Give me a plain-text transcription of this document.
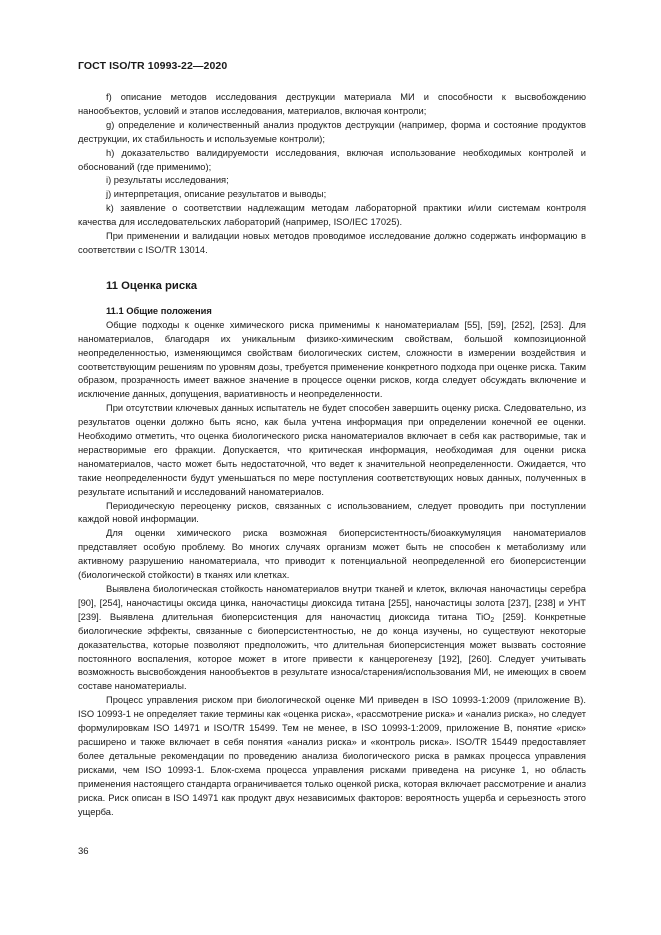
ГОСТ ISO/TR 10993-22—2020

f) описание методов исследования деструкции материала МИ и способности к высвобождению нанообъектов, условий и этапов исследования, материалов, включая контроли;

g) определение и количественный анализ продуктов деструкции (например, форма и состояние продуктов деструкции, их стабильность и используемые контроли);

h) доказательство валидируемости исследования, включая использование необходимых контролей и обоснований (где применимо);

i) результаты исследования;

j) интерпретация, описание результатов и выводы;

k) заявление о соответствии надлежащим методам лабораторной практики и/или системам контроля качества для исследовательских лабораторий (например, ISO/IEC 17025).

При применении и валидации новых методов проводимое исследование должно содержать информацию в соответствии с ISO/TR 13014.

11 Оценка риска
11.1 Общие положения

Общие подходы к оценке химического риска применимы к наноматериалам [55], [59], [252], [253]. Для наноматериалов, благодаря их уникальным физико-химическим свойствам, большой композиционной неопределенностью, изменяющимся свойствам биологических систем, сложности в измерении воздействия и соответствующим решениям по уровням дозы, требуется применение конкретного подхода при оценке риска. Таким образом, прозрачность имеет важное значение в процессе оценки рисков, когда следует обсуждать включение и исключение данных, допущения, вариативность и неопределенности.

При отсутствии ключевых данных испытатель не будет способен завершить оценку риска. Следовательно, из результатов оценки должно быть ясно, как была учтена информация при определении конечной ее оценки. Необходимо отметить, что оценка биологического риска наноматериалов включает в себя как растворимые, так и нерастворимые его фракции. Допускается, что критическая информация, необходимая для оценки риска наноматериалов, часто может быть недостаточной, что ведет к значительной неопределенности. Ожидается, что такие неопределенности будут уменьшаться по мере поступления соответствующих новых данных, полученных в результате испытаний и исследований наноматериалов.

Периодическую переоценку рисков, связанных с использованием, следует проводить при поступлении каждой новой информации.

Для оценки химического риска возможная биоперсистентность/биоаккумуляция наноматериалов представляет особую проблему. Во многих случаях организм может быть не способен к метаболизму или активному разрушению наноматериала, что приводит к потенциальной неопределенной его биоперсистенции (биологической стойкости) в тканях или клетках.

Выявлена биологическая стойкость наноматериалов внутри тканей и клеток, включая наночастицы серебра [90], [254], наночастицы оксида цинка, наночастицы диоксида титана [255], наночастицы золота [237], [238] и УНТ [239]. Выявлена длительная биоперсистенция для наночастиц диоксида титана TiO$_2$ [259]. Конкретные биологические эффекты, связанные с биоперсистентностью, не до конца изучены, но существуют некоторые доказательства, которые позволяют предположить, что длительная биоперсистенция может вызвать состояние постоянного воспаления, которое может в итоге привести к канцерогенезу [192], [260]. Следует учитывать возможность высвобождения нанообъектов в результате износа/старения/использования МИ, не имеющих в своем составе наноматериалы.

Процесс управления риском при биологической оценке МИ приведен в ISO 10993-1:2009 (приложение B). ISO 10993-1 не определяет такие термины как «оценка риска», «рассмотрение риска» и «анализ риска», но следует формулировкам ISO 14971 и ISO/TR 15499. Тем не менее, в ISO 10993-1:2009, приложение B, понятие «риск» расширено и также включает в себя понятия «анализ риска» и «контроль риска». ISO/TR 15449 предоставляет более детальные рекомендации по проведению анализа биологического риска в рамках процесса управления рисками, чем ISO 10993-1. Блок-схема процесса управления рисками приведена на рисунке 1, но область применения настоящего стандарта ограничивается только оценкой риска, которая включает рассмотрение и анализ риска. Риск описан в ISO 14971 как продукт двух независимых факторов: вероятность ущерба и серьезность этого ущерба.

36
